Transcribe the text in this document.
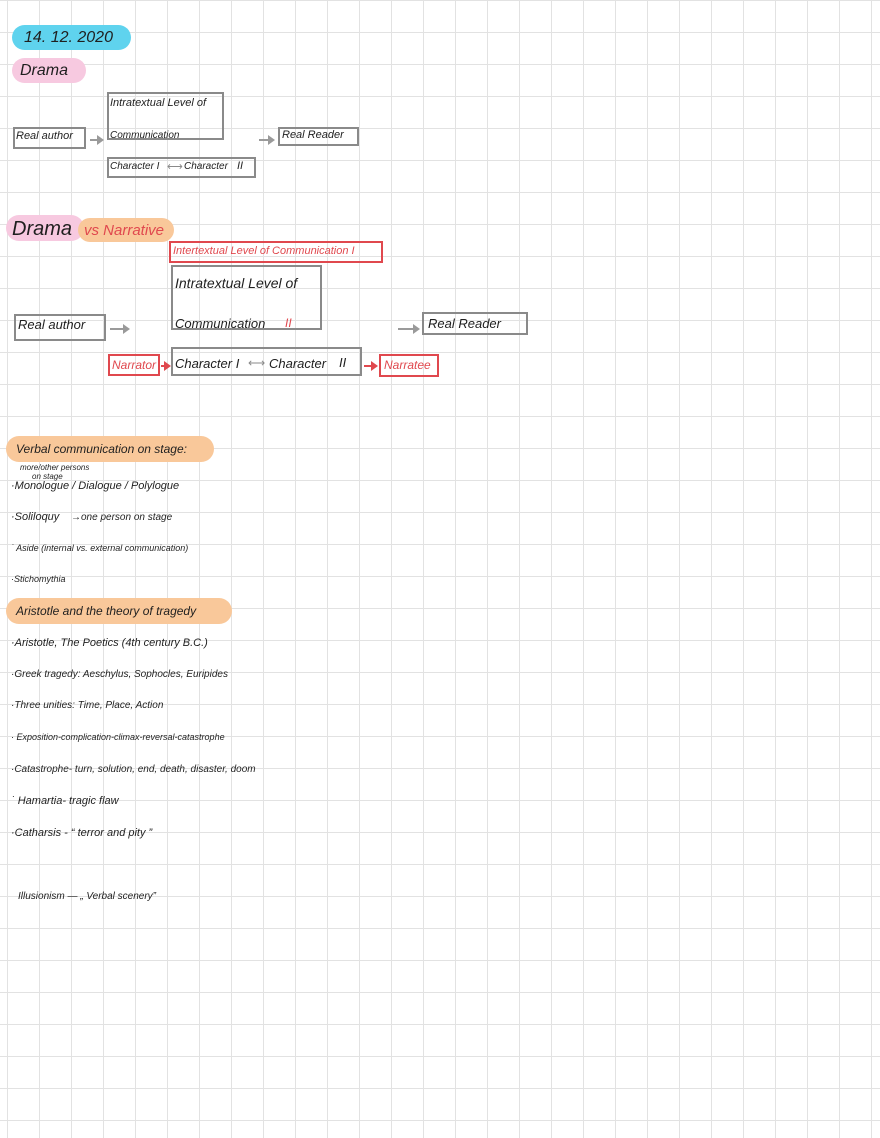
14. 12. 2020
Drama
Real author
Intratextual Level of
Communication	Real Reader
Character I ⟷ Character II
Drama vs Narrative
Intertextual Level of Communication I
Intratextual Level of
Communication II
Real author	Real Reader
Narrator Character I ⟷ Character II	Narratee
Verbal communication on stage:
more/other persons
on stage
·Monologue / Dialogue / Polylogue
·Soliloquy →one person on stage
˙ Aside (internal vs. external communication)
·Stichomythia
Aristotle and the theory of tragedy
·Aristotle, The Poetics (4th century B.C.)
·Greek tragedy: Aeschylus, Sophocles, Euripides
·Three unities: Time, Place, Action
· Exposition-complication-climax-reversal-catastrophe
·Catastrophe- turn, solution, end, death, disaster, doom
˙ Hamartia- tragic flaw
·Catharsis - “ terror and pity ”
Illusionism — „ Verbal scenery”
